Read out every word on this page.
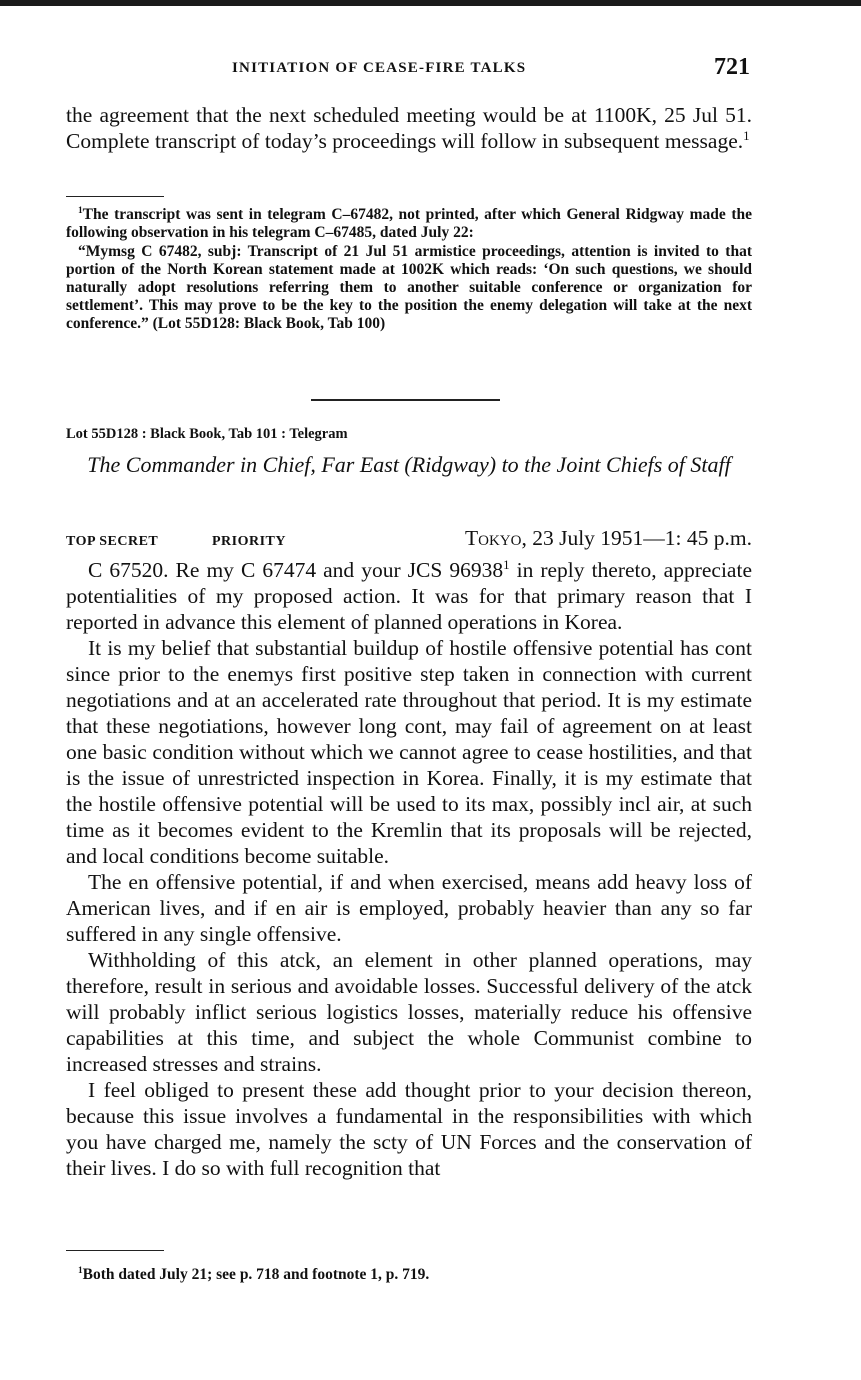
INITIATION OF CEASE-FIRE TALKS	721

the agreement that the next scheduled meeting would be at 1100K, 25 Jul 51. Complete transcript of today’s proceedings will follow in subsequent message.$^1$

$^1$The transcript was sent in telegram C–67482, not printed, after which General Ridgway made the following observation in his telegram C–67485, dated July 22:

“Mymsg C 67482, subj: Transcript of 21 Jul 51 armistice proceedings, attention is invited to that portion of the North Korean statement made at 1002K which reads: ‘On such questions, we should naturally adopt resolutions referring them to another suitable conference or organization for settlement’. This may prove to be the key to the position the enemy delegation will take at the next conference.” (Lot 55D128: Black Book, Tab 100)

Lot 55D128 : Black Book, Tab 101 : Telegram
The Commander in Chief, Far East (Ridgway) to the Joint Chiefs of Staff
TOP SECRET	PRIORITY	Tokyo, 23 July 1951—1: 45 p.m.

C 67520. Re my C 67474 and your JCS 96938$^1$ in reply thereto, appreciate potentialities of my proposed action. It was for that primary reason that I reported in advance this element of planned operations in Korea.

It is my belief that substantial buildup of hostile offensive potential has cont since prior to the enemys first positive step taken in connection with current negotiations and at an accelerated rate throughout that period. It is my estimate that these negotiations, however long cont, may fail of agreement on at least one basic condition without which we cannot agree to cease hostilities, and that is the issue of unrestricted inspection in Korea. Finally, it is my estimate that the hostile offensive potential will be used to its max, possibly incl air, at such time as it becomes evident to the Kremlin that its proposals will be rejected, and local conditions become suitable.

The en offensive potential, if and when exercised, means add heavy loss of American lives, and if en air is employed, probably heavier than any so far suffered in any single offensive.

Withholding of this atck, an element in other planned operations, may therefore, result in serious and avoidable losses. Successful delivery of the atck will probably inflict serious logistics losses, materially reduce his offensive capabilities at this time, and subject the whole Communist combine to increased stresses and strains.

I feel obliged to present these add thought prior to your decision thereon, because this issue involves a fundamental in the responsibilities with which you have charged me, namely the scty of UN Forces and the conservation of their lives. I do so with full recognition that

$^1$Both dated July 21; see p. 718 and footnote 1, p. 719.
